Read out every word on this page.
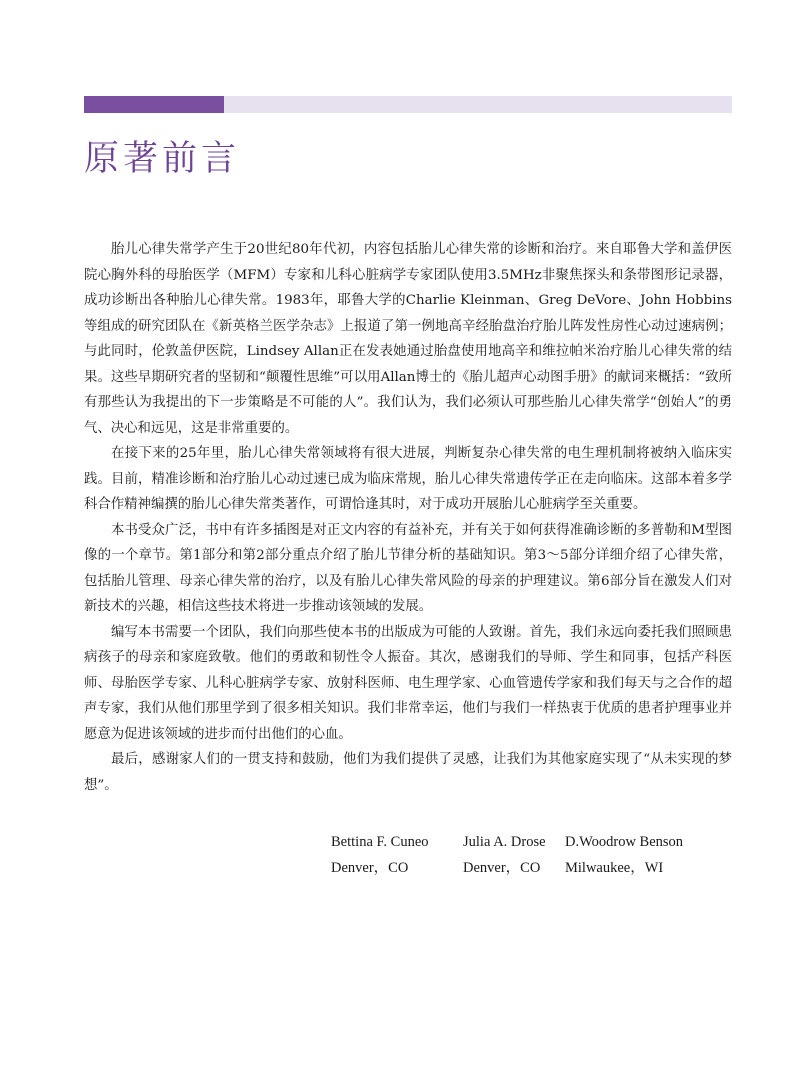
原著前言

胎儿心律失常学产生于20世纪80年代初，内容包括胎儿心律失常的诊断和治疗。来自耶鲁大学和盖伊医院心胸外科的母胎医学（MFM）专家和儿科心脏病学专家团队使用3.5MHz非聚焦探头和条带图形记录器，成功诊断出各种胎儿心律失常。1983年，耶鲁大学的Charlie Kleinman、Greg DeVore、John Hobbins等组成的研究团队在《新英格兰医学杂志》上报道了第一例地高辛经胎盘治疗胎儿阵发性房性心动过速病例；与此同时，伦敦盖伊医院，Lindsey Allan正在发表她通过胎盘使用地高辛和维拉帕米治疗胎儿心律失常的结果。这些早期研究者的坚韧和“颠覆性思维”可以用Allan博士的《胎儿超声心动图手册》的献词来概括：“致所有那些认为我提出的下一步策略是不可能的人”。我们认为，我们必须认可那些胎儿心律失常学“创始人”的勇气、决心和远见，这是非常重要的。

在接下来的25年里，胎儿心律失常领域将有很大进展，判断复杂心律失常的电生理机制将被纳入临床实践。目前，精准诊断和治疗胎儿心动过速已成为临床常规，胎儿心律失常遗传学正在走向临床。这部本着多学科合作精神编撰的胎儿心律失常类著作，可谓恰逢其时，对于成功开展胎儿心脏病学至关重要。

本书受众广泛，书中有许多插图是对正文内容的有益补充，并有关于如何获得准确诊断的多普勒和M型图像的一个章节。第1部分和第2部分重点介绍了胎儿节律分析的基础知识。第3～5部分详细介绍了心律失常，包括胎儿管理、母亲心律失常的治疗，以及有胎儿心律失常风险的母亲的护理建议。第6部分旨在激发人们对新技术的兴趣，相信这些技术将进一步推动该领域的发展。

编写本书需要一个团队，我们向那些使本书的出版成为可能的人致谢。首先，我们永远向委托我们照顾患病孩子的母亲和家庭致敬。他们的勇敢和韧性令人振奋。其次，感谢我们的导师、学生和同事，包括产科医师、母胎医学专家、儿科心脏病学专家、放射科医师、电生理学家、心血管遗传学家和我们每天与之合作的超声专家，我们从他们那里学到了很多相关知识。我们非常幸运，他们与我们一样热衷于优质的患者护理事业并愿意为促进该领域的进步而付出他们的心血。

最后，感谢家人们的一贯支持和鼓励，他们为我们提供了灵感，让我们为其他家庭实现了“从未实现的梦想”。

Bettina F. Cuneo	Julia A. Drose	D.Woodrow Benson
Denver，CO	Denver，CO	Milwaukee，WI
